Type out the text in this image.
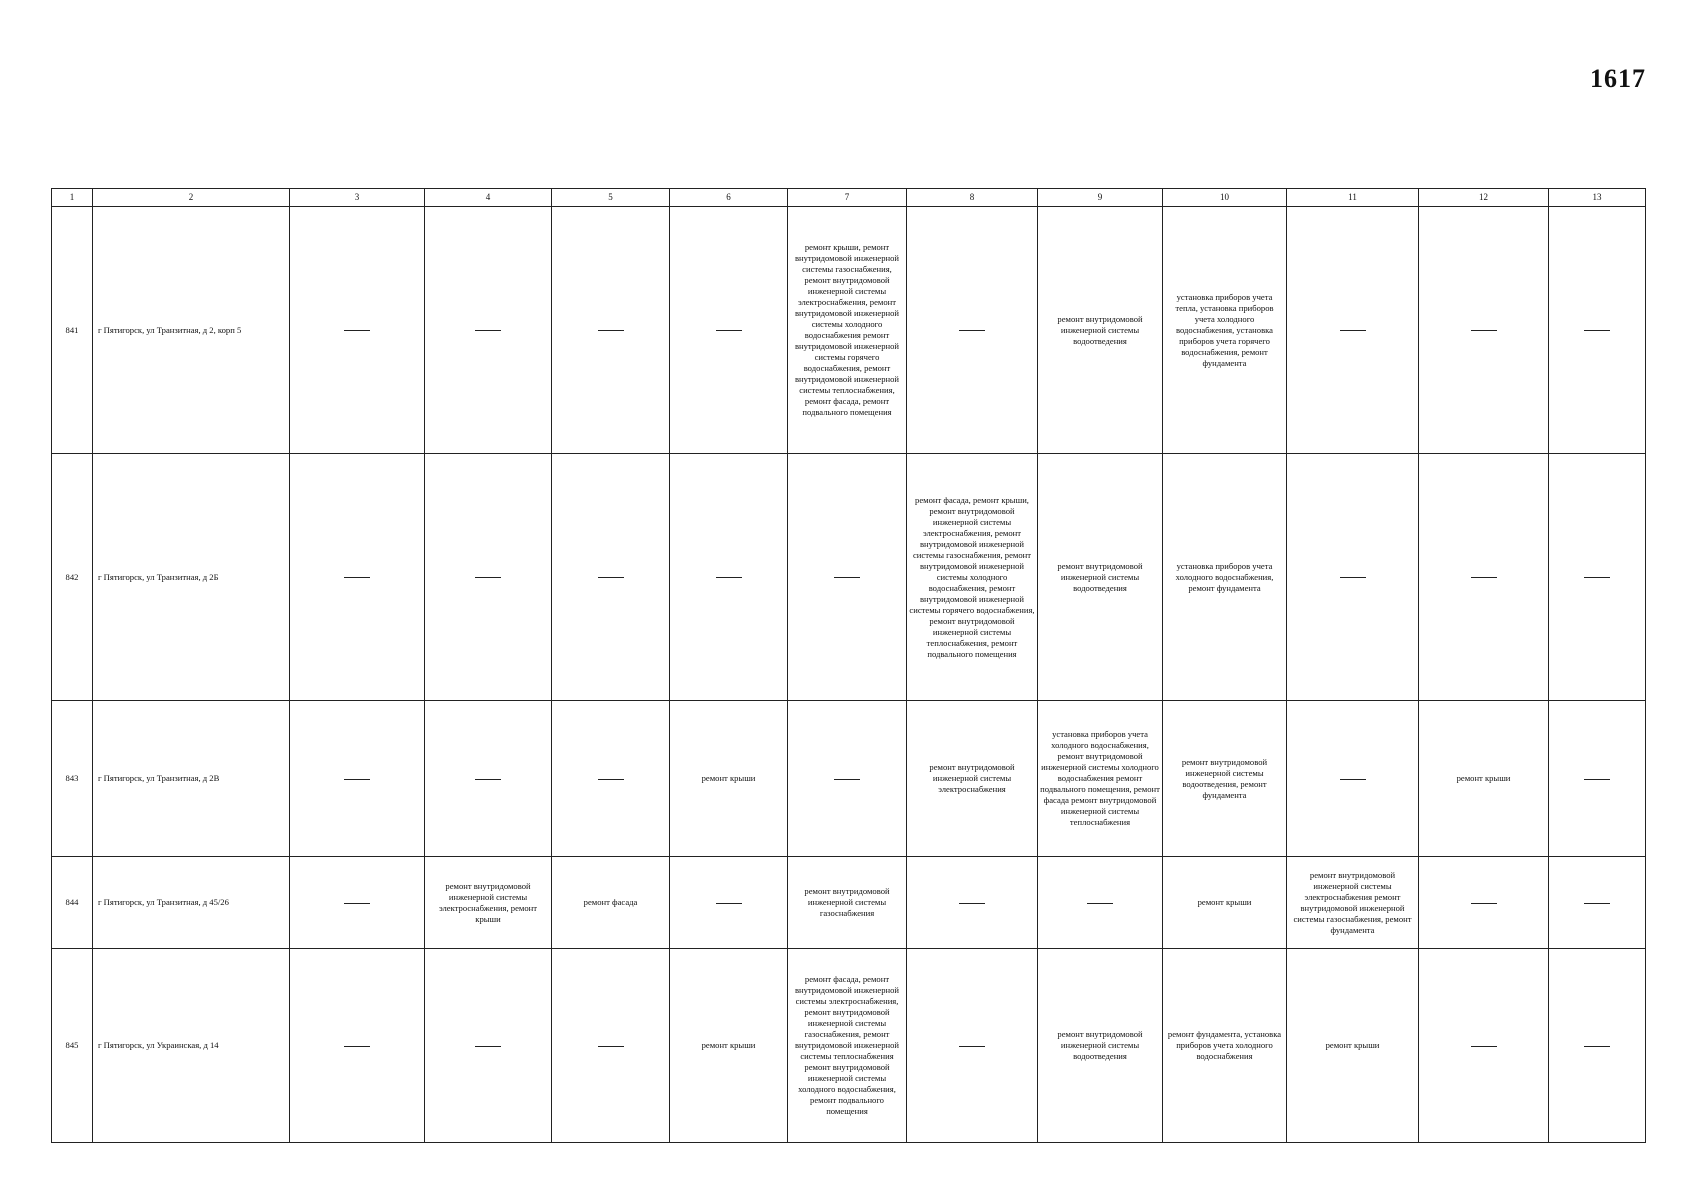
1617
1	2	3	4	5	6	7	8	9	10	11	12	13
841	г Пятигорск, ул Транзитная, д 2, корп 5					ремонт крыши, ремонт внутридомовой инженерной системы газоснабжения, ремонт внутридомовой инженерной системы электроснабжения, ремонт внутридомовой инженерной системы холодного водоснабжения ремонт внутридомовой инженерной системы горячего водоснабжения, ремонт внутридомовой инженерной системы теплоснабжения, ремонт фасада, ремонт подвального помещения		ремонт внутридомовой инженерной системы водоотведения	установка приборов учета тепла, установка приборов учета холодного водоснабжения, установка приборов учета горячего водоснабжения, ремонт фундамента			
842	г Пятигорск, ул Транзитная, д 2Б						ремонт фасада, ремонт крыши, ремонт внутридомовой инженерной системы электроснабжения, ремонт внутридомовой инженерной системы газоснабжения, ремонт внутридомовой инженерной системы холодного водоснабжения, ремонт внутридомовой инженерной системы горячего водоснабжения, ремонт внутридомовой инженерной системы теплоснабжения, ремонт подвального помещения	ремонт внутридомовой инженерной системы водоотведения	установка приборов учета холодного водоснабжения, ремонт фундамента			
843	г Пятигорск, ул Транзитная, д 2В				ремонт крыши		ремонт внутридомовой инженерной системы электроснабжения	установка приборов учета холодного водоснабжения, ремонт внутридомовой инженерной системы холодного водоснабжения ремонт подвального помещения, ремонт фасада ремонт внутридомовой инженерной системы теплоснабжения	ремонт внутридомовой инженерной системы водоотведения, ремонт фундамента		ремонт крыши	
844	г Пятигорск, ул Транзитная, д 45/26		ремонт внутридомовой инженерной системы электроснабжения, ремонт крыши	ремонт фасада		ремонт внутридомовой инженерной системы газоснабжения			ремонт крыши	ремонт внутридомовой инженерной системы электроснабжения ремонт внутридомовой инженерной системы газоснабжения, ремонт фундамента		
845	г Пятигорск, ул Украинская, д 14				ремонт крыши	ремонт фасада, ремонт внутридомовой инженерной системы электроснабжения, ремонт внутридомовой инженерной системы газоснабжения, ремонт внутридомовой инженерной системы теплоснабжения ремонт внутридомовой инженерной системы холодного водоснабжения, ремонт подвального помещения		ремонт внутридомовой инженерной системы водоотведения	ремонт фундамента, установка приборов учета холодного водоснабжения	ремонт крыши		
